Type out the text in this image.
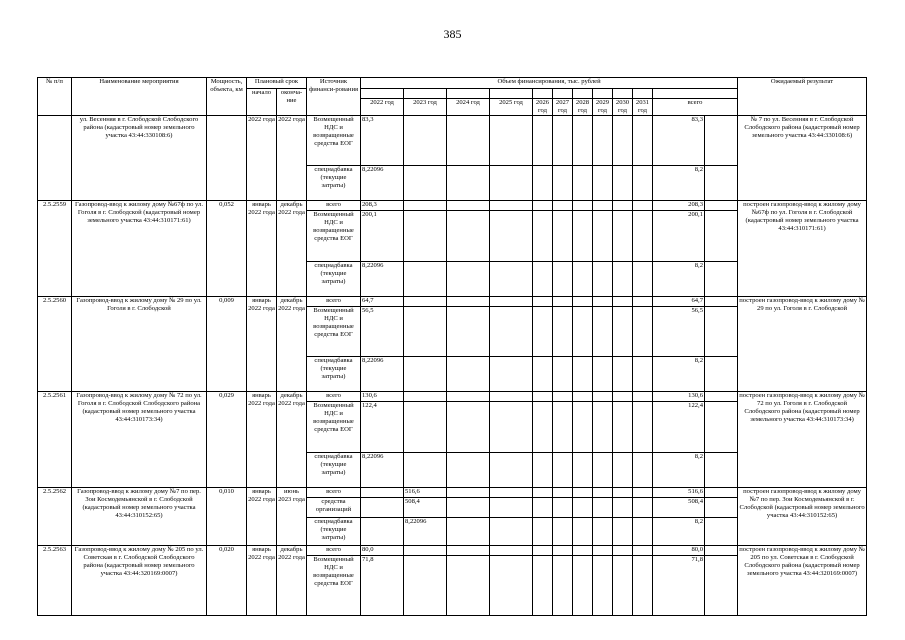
385
№ п/п	Наименование мероприятия	Мощность, объекта, км	Плановый срок		Источник финанси-рования	Объем финансирования, тыс. рублей												Ожидаемый результат
			начало	оконча-ние														
						2022 год	2023 год	2024 год	2025 год	2026 год	2027 год	2028 год	2029 год	2030 год	2031 год	всего		
	ул. Весенняя в г. Слободской Слободского района (кадастровый номер земельного участка 43:44:330108:6)		2022 года	2022 года	Возмещенный НДС и возвращенные средства ЕОГ	83,3										83,3		№ 7 по ул. Весенняя в г. Слободской Слободского района (кадастровый номер земельного участка 43:44:330108:6)
					спецнадбавка (текущие затраты)	8,22096										8,2		
2.5.2559	Газопровод-ввод к жилому дому №67ф по ул. Гоголя в г. Слободской (кадастровый номер земельного участка 43:44:310171:61)	0,052	январь 2022 года	декабрь 2022 года	всего	208,3										208,3		построен газопровод-ввод к жилому дому №67ф по ул. Гоголя в г. Слободской (кадастровый номер земельного участка 43:44:310171:61)
					Возмещенный НДС и возвращенные средства ЕОГ	200,1										200,1		
					спецнадбавка (текущие затраты)	8,22096										8,2		
2.5.2560	Газопровод-ввод к жилому дому № 29 по ул. Гоголя в г. Слободской	0,009	январь 2022 года	декабрь 2022 года	всего	64,7										64,7		построен газопровод-ввод к жилому дому № 29 по ул. Гоголя в г. Слободской
					Возмещенный НДС и возвращенные средства ЕОГ	56,5										56,5		
					спецнадбавка (текущие затраты)	8,22096										8,2		
2.5.2561	Газопровод-ввод к жилому дому № 72 по ул. Гоголя в г. Слободской Слободского района (кадастровый номер земельного участка 43:44:310173:34)	0,029	январь 2022 года	декабрь 2022 года	всего	130,6										130,6		построен газопровод-ввод к жилому дому № 72 по ул. Гоголя в г. Слободской Слободского района (кадастровый номер земельного участка 43:44:310173:34)
					Возмещенный НДС и возвращенные средства ЕОГ	122,4										122,4		
					спецнадбавка (текущие затраты)	8,22096										8,2		
2.5.2562	Газопровод-ввод к жилому дому №7 по пер. Зои Космодемьянской в г. Слободской (кадастровый номер земельного участка 43:44:310152:65)	0,010	январь 2022 года	июнь 2023 года	всего		516,6									516,6		построен газопровод-ввод к жилому дому №7 по пер. Зои Космодемьянской в г. Слободской (кадастровый номер земельного участка 43:44:310152:65)
					средства организаций		508,4									508,4		
					спецнадбавка (текущие затраты)		8,22096									8,2		
2.5.2563	Газопровод-ввод к жилому дому № 205 по ул. Советская в г. Слободской Слободского района (кадастровый номер земельного участка 43:44:320169:0007)	0,020	январь 2022 года	декабрь 2022 года	всего	80,0										80,0		построен газопровод-ввод к жилому дому № 205 по ул. Советская в г. Слободской Слободского района (кадастровый номер земельного участка 43:44:320169:0007)
					Возмещенный НДС и возвращенные средства ЕОГ	71,8										71,8		
